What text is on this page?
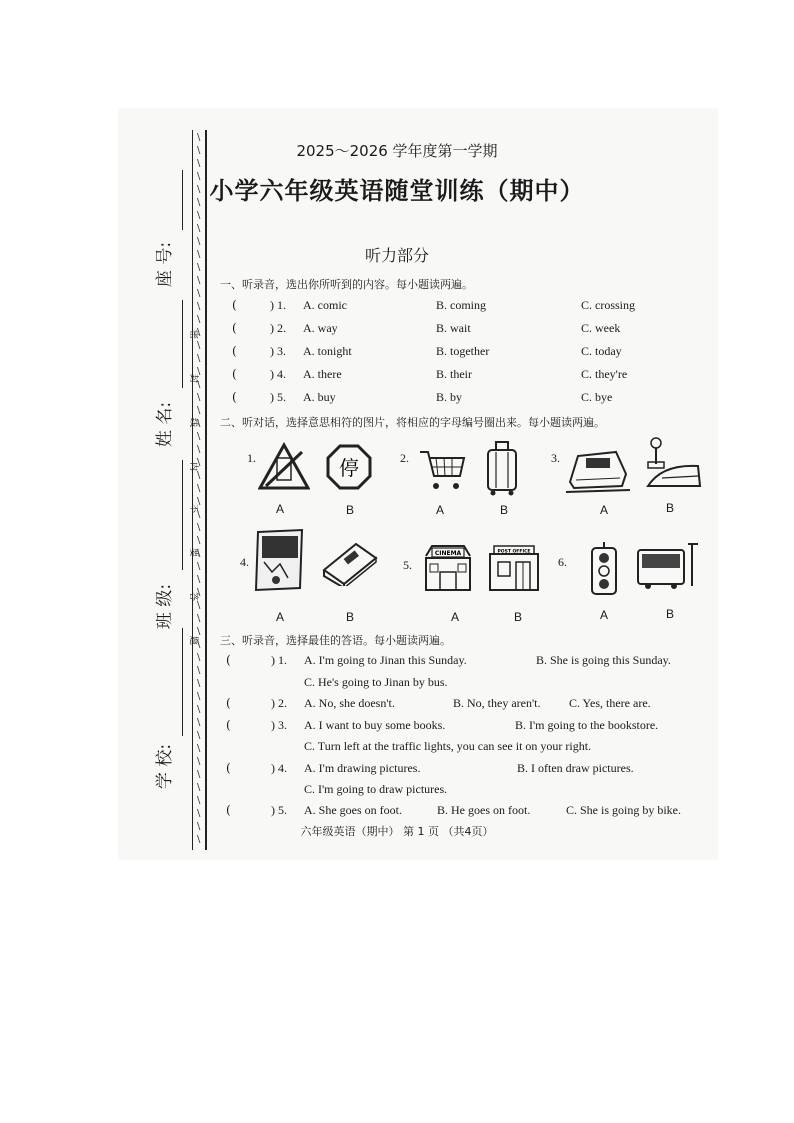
座 号:
姓 名:
班 级:
学 校:
密
封
线
内
不
要
答
题
\
\
\
\
\
\
\
\
\
\
\
\
\
\
\
\
\
\
\
\
\
\
\
\
\
\
\
\
\
\
\
\
\
\
\
\
\
\
\
\
\
\
\
\
\
\
\
\
\
\
\
\
\
\
\
2025～2026 学年度第一学期
小学六年级英语随堂训练（期中）
听力部分
一、听录音，选出你所听到的内容。每小题读两遍。
(	) 1. A. comic	B. coming	C. crossing
(	) 2. A. way	B. wait	C. week
(	) 3. A. tonight	B. together	C. today
(	) 4. A. there	B. their	C. they're
(	) 5. A. buy	B. by	C. bye
二、听对话，选择意思相符的图片，将相应的字母编号圈出来。每小题读两遍。
1.	停
A	B
2.
A	B
3.
A	B
4.
A	B
5.
CINEMA	POST OFFICE
A	B
6.
A	B
三、听录音，选择最佳的答语。每小题读两遍。
(	) 1. A. I'm going to Jinan this Sunday.	B. She is going this Sunday.
C. He's going to Jinan by bus.
(	) 2. A. No, she doesn't.	B. No, they aren't. C. Yes, there are.
(	) 3. A. I want to buy some books.	B. I'm going to the bookstore.
C. Turn left at the traffic lights, you can see it on your right.
(	) 4. A. I'm drawing pictures.	B. I often draw pictures.
C. I'm going to draw pictures.
(	) 5. A. She goes on foot.	B. He goes on foot.	C. She is going by bike.
六年级英语（期中） 第 1 页 （共4页）
